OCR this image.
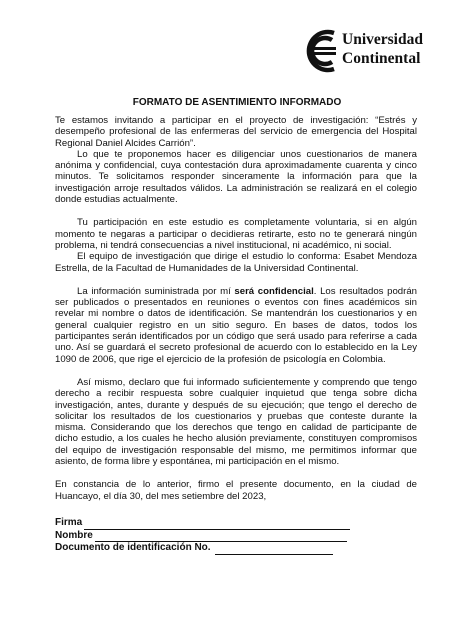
Universidad
Continental
FORMATO DE ASENTIMIENTO INFORMADO

Te estamos invitando a participar en el proyecto de investigación: “Estrés y desempeño profesional de las enfermeras del servicio de emergencia del Hospital Regional Daniel Alcides Carrión”.

Lo que te proponemos hacer es diligenciar unos cuestionarios de manera anónima y confidencial, cuya contestación dura aproximadamente cuarenta y cinco minutos. Te solicitamos responder sinceramente la información para que la investigación arroje resultados válidos. La administración se realizará en el colegio donde estudias actualmente.

Tu participación en este estudio es completamente voluntaria, si en algún momento te negaras a participar o decidieras retirarte, esto no te generará ningún problema, ni tendrá consecuencias a nivel institucional, ni académico, ni social.

El equipo de investigación que dirige el estudio lo conforma: Esabet Mendoza Estrella, de la Facultad de Humanidades de la Universidad Continental.

La información suministrada por mí será confidencial. Los resultados podrán ser publicados o presentados en reuniones o eventos con fines académicos sin revelar mi nombre o datos de identificación. Se mantendrán los cuestionarios y en general cualquier registro en un sitio seguro. En bases de datos, todos los participantes serán identificados por un código que será usado para referirse a cada uno. Así se guardará el secreto profesional de acuerdo con lo establecido en la Ley 1090 de 2006, que rige el ejercicio de la profesión de psicología en Colombia.

Así mismo, declaro que fui informado suficientemente y comprendo que tengo derecho a recibir respuesta sobre cualquier inquietud que tenga sobre dicha investigación, antes, durante y después de su ejecución; que tengo el derecho de solicitar los resultados de los cuestionarios y pruebas que conteste durante la misma. Considerando que los derechos que tengo en calidad de participante de dicho estudio, a los cuales he hecho alusión previamente, constituyen compromisos del equipo de investigación responsable del mismo, me permitimos informar que asiento, de forma libre y espontánea, mi participación en el mismo.

En constancia de lo anterior, firmo el presente documento, en la ciudad de Huancayo, el día 30, del mes setiembre del 2023,

Firma
Nombre
Documento de identificación No.
